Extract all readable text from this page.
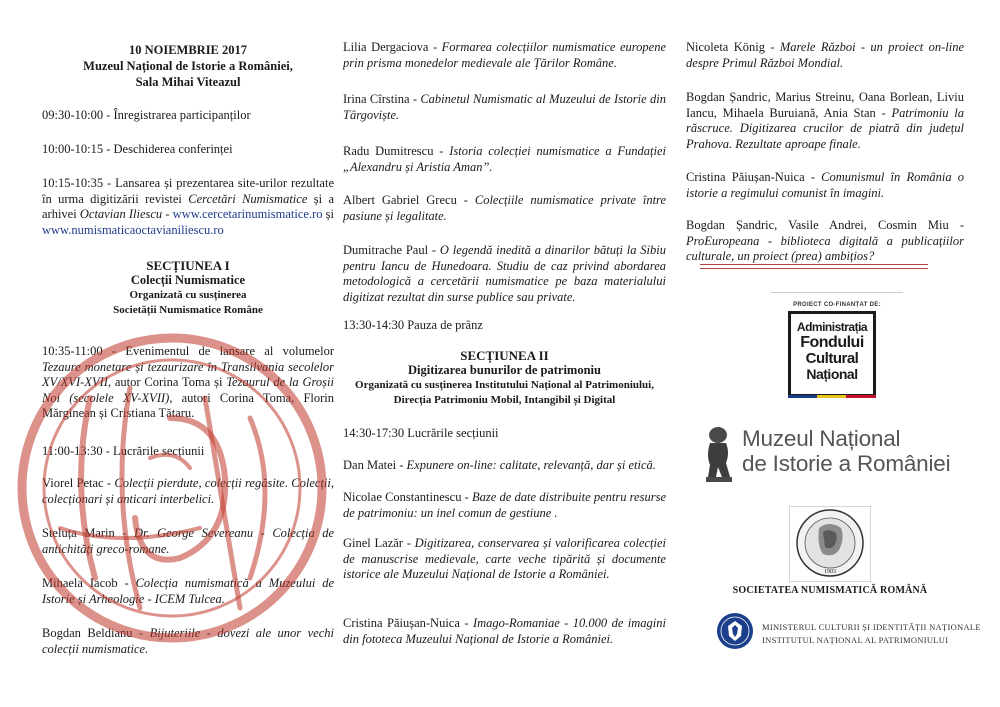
10 NOIEMBRIE 2017
Muzeul Național de Istorie a României,
Sala Mihai Viteazul

09:30-10:00 - Înregistrarea participanților

10:00-10:15 - Deschiderea conferinței

10:15-10:35 - Lansarea și prezentarea site-urilor rezultate în urma digitizării revistei Cercetări Numismatice și a arhivei Octavian Iliescu - www.cercetarinumismatice.ro și www.numismaticaoctavianiliescu.ro

SECȚIUNEA I
Colecții Numismatice
Organizată cu susținerea
Societății Numismatice Române

10:35-11:00 - Evenimentul de lansare al volumelor Tezaure monetare și tezaurizare în Transilvania secolelor XV/XVI-XVII, autor Corina Toma și Tezaurul de la Groșii Noi (secolele XV-XVII), autori Corina Toma, Florin Mărginean și Cristiana Tătaru.

11:00-13:30 - Lucrările secțiunii

Viorel Petac - Colecții pierdute, colecții regăsite. Colecții, colecționari și anticari interbelici.

Steluța Marin - Dr. George Severeanu - Colecția de antichități greco-romane.

Mihaela Iacob - Colecția numismatică a Muzeului de Istorie și Arheologie - ICEM Tulcea.

Bogdan Beldianu - Bijuteriile - dovezi ale unor vechi colecții numismatice.

Lilia Dergaciova - Formarea colecțiilor numismatice europene prin prisma monedelor medievale ale Țărilor Române.

Irina Cîrstina - Cabinetul Numismatic al Muzeului de Istorie din Târgoviște.

Radu Dumitrescu - Istoria colecției numismatice a Fundației „Alexandru și Aristia Aman”.

Albert Gabriel Grecu - Colecțiile numismatice private între pasiune și legalitate.

Dumitrache Paul - O legendă inedită a dinarilor bătuți la Sibiu pentru Iancu de Hunedoara. Studiu de caz privind abordarea metodologică a cercetării numismatice pe baza materialului digitizat rezultat din surse publice sau private.

13:30-14:30 Pauza de prânz

SECȚIUNEA II
Digitizarea bunurilor de patrimoniu
Organizată cu susținerea Institutului Național al Patrimoniului,
Direcția Patrimoniu Mobil, Intangibil și Digital

14:30-17:30 Lucrările secțiunii

Dan Matei - Expunere on-line: calitate, relevanță, dar și etică.

Nicolae Constantinescu - Baze de date distribuite pentru resurse de patrimoniu: un inel comun de gestiune .

Ginel Lazăr - Digitizarea, conservarea și valorificarea colecției de manuscrise medievale, carte veche tipărită și documente istorice ale Muzeului Național de Istorie a României.

Cristina Păiușan-Nuica - Imago-Romaniae - 10.000 de imagini din fototeca Muzeului Național de Istorie a României.

Nicoleta König - Marele Război - un proiect on-line despre Primul Război Mondial.

Bogdan Șandric, Marius Streinu, Oana Borlean, Liviu Iancu, Mihaela Buruiană, Ania Stan - Patrimoniu la răscruce. Digitizarea crucilor de piatră din județul Prahova. Rezultate aproape finale.

Cristina Păiușan-Nuica - Comunismul în România o istorie a regimului comunist în imagini.

Bogdan Șandric, Vasile Andrei, Cosmin Miu - ProEuropeana - biblioteca digitală a publicațiilor culturale, un proiect (prea) ambițios?

PROIECT CO-FINANȚAT DE:
Administrația
Fondului
Cultural
Național
Muzeul Național
de Istorie a României
1903
SOCIETATEA NUMISMATICĂ ROMÂNĂ
MINISTERUL CULTURII ȘI IDENTITĂȚII NAȚIONALE
INSTITUTUL NAȚIONAL AL PATRIMONIULUI
